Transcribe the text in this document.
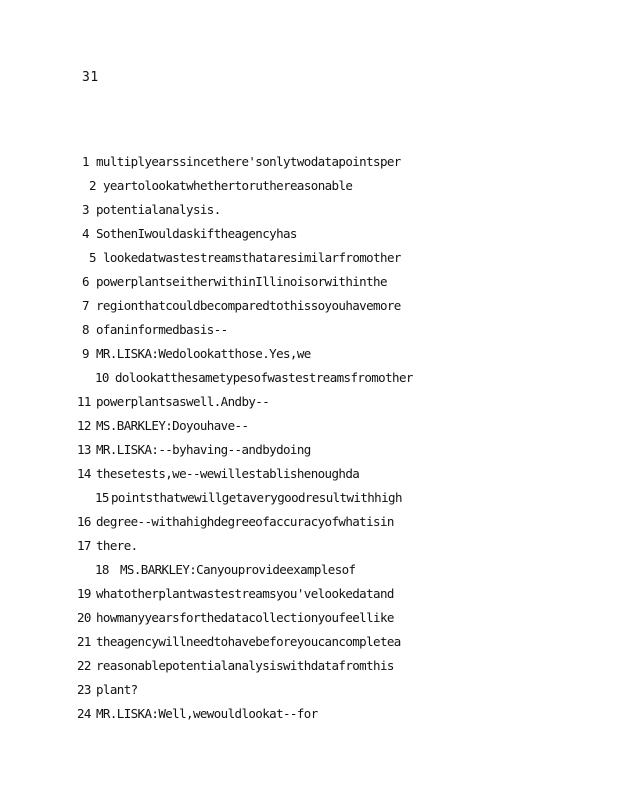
31
1 multiplyearssincethere'sonlytwodatapointsper
2 yeartolookatwhethertoruthereasonable
3 potentialanalysis.
4 SothenIwouldaskiftheagencyhas
5 lookedatwastestreamsthataresimilarfromother
6 powerplantseitherwithinIllinoisorwithinthe
7 regionthatcouldbecomparedtothissoyouhavemore
8 ofaninformedbasis--
9 MR.LISKA:Wedolookatthose.Yes,we
10 dolookatthesametypesofwastestreamsfromother
11 powerplantsaswell.Andby--
12 MS.BARKLEY:Doyouhave--
13 MR.LISKA:--byhaving--andbydoing
14 thesetests,we--wewillestablishenoughda
15 pointsthatwewillgetaverygoodresultwithhigh
16 degree--withahighdegreeofaccuracyofwhatisin
17 there.
18 MS.BARKLEY:Canyouprovideexamplesof
19 whatotherplantwastestreamsyou'velookedatand
20 howmanyyearsforthedatacollectionyoufeellike
21 theagencywillneedtohavebeforeyoucancompletea
22 reasonablepotentialanalysiswithdatafromthis
23 plant?
24 MR.LISKA:Well,wewouldlookat--for
